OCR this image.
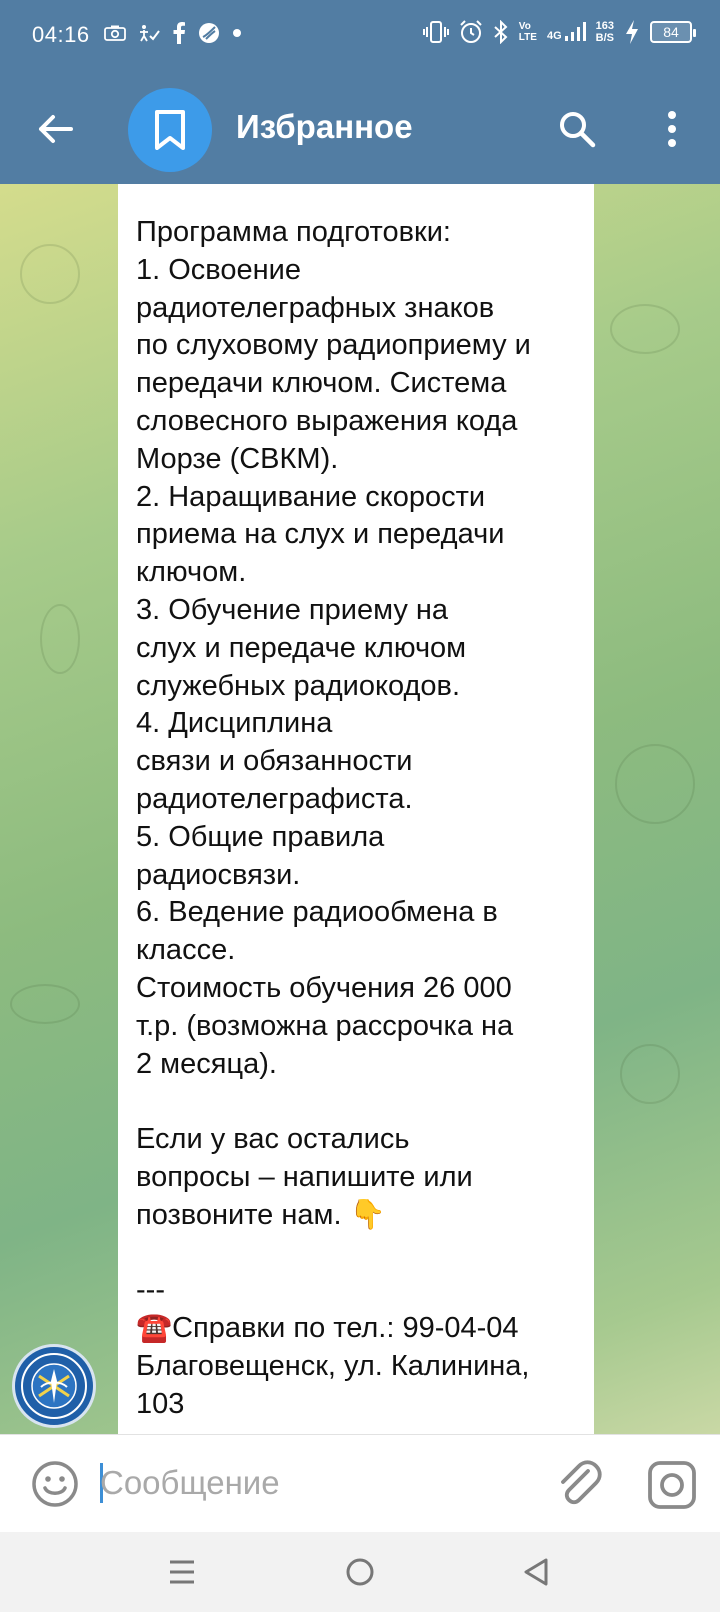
04:16	Vo
LTE 4G
163
B/S	84
Избранное
Программа подготовки:
1. Освоение
радиотелеграфных знаков
по слуховому радиоприему и
передачи ключом. Система
словесного выражения кода
Морзе (СВКМ).
2. Наращивание скорости
приема на слух и передачи
ключом.
3. Обучение приему на
слух и передаче ключом
служебных радиокодов.
4. Дисциплина
связи и обязанности
радиотелеграфиста.
5. Общие правила
радиосвязи.
6. Ведение радиообмена в
классе.
Стоимость обучения 26 000
т.р. (возможна рассрочка на
2 месяца).
Если у вас остались
вопросы – напишите или
позвоните нам. 👇
---
☎️Справки по тел.: 99-04-04
Благовещенск, ул. Калинина,
103
Сообщение
